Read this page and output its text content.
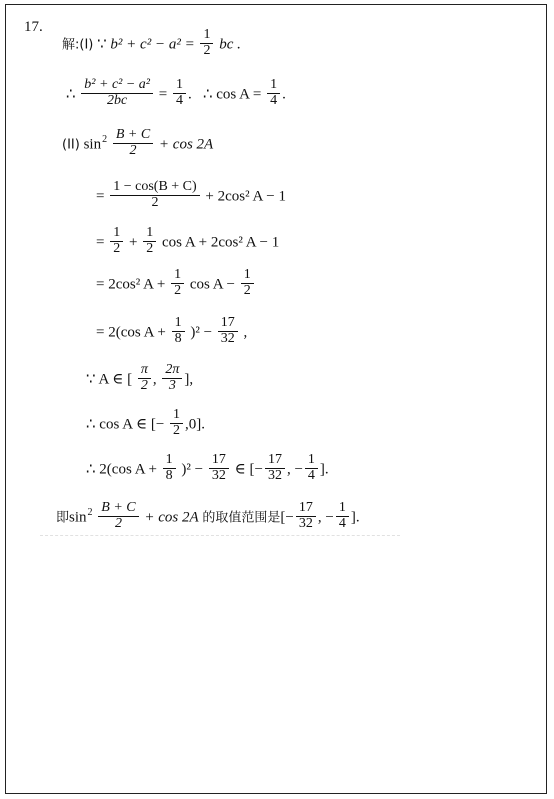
17.
解:(I) ∵ $b^2 + c^2 - a^2 = \frac{1}{2}$ bc .
∴ $\frac{\text{b² + c² − a²}}{2bc} = \frac{1}{4}$ . ∴ $\cos A = \frac{1}{4}$ .
(II) $\sin^2 \frac{B + C}{2} + \cos 2A$
= $\frac{1 - \cos(B + C)}{2} + 2\cos^2$ A − 1
= $\frac{1}{2} + \frac{1}{2}$ cos A + 2cos² A − 1
= 2cos² $A + \frac{1}{2}$ $\cos A - \frac{1}{2}$
= 2(cos $A + \frac{1}{8} )^2 - \frac{17}{32}$ ,
∵ A ∈ [ $\frac{\pi}{2}$ , $\frac{2\pi}{3}$ ],
∴ cos A ∈ [− $\frac{1}{2} ,0$].
∴ 2(cos $A + \frac{1}{8} )^2 - \frac{17}{32}$ ∈ [− $\frac{17}{32}$ , − $\frac{1}{4}$ ].
即$\sin^2 \frac{B + C}{2} + \cos 2A$ 的取值范围是[− $\frac{17}{32}$ , − $\frac{1}{4}$ ].
